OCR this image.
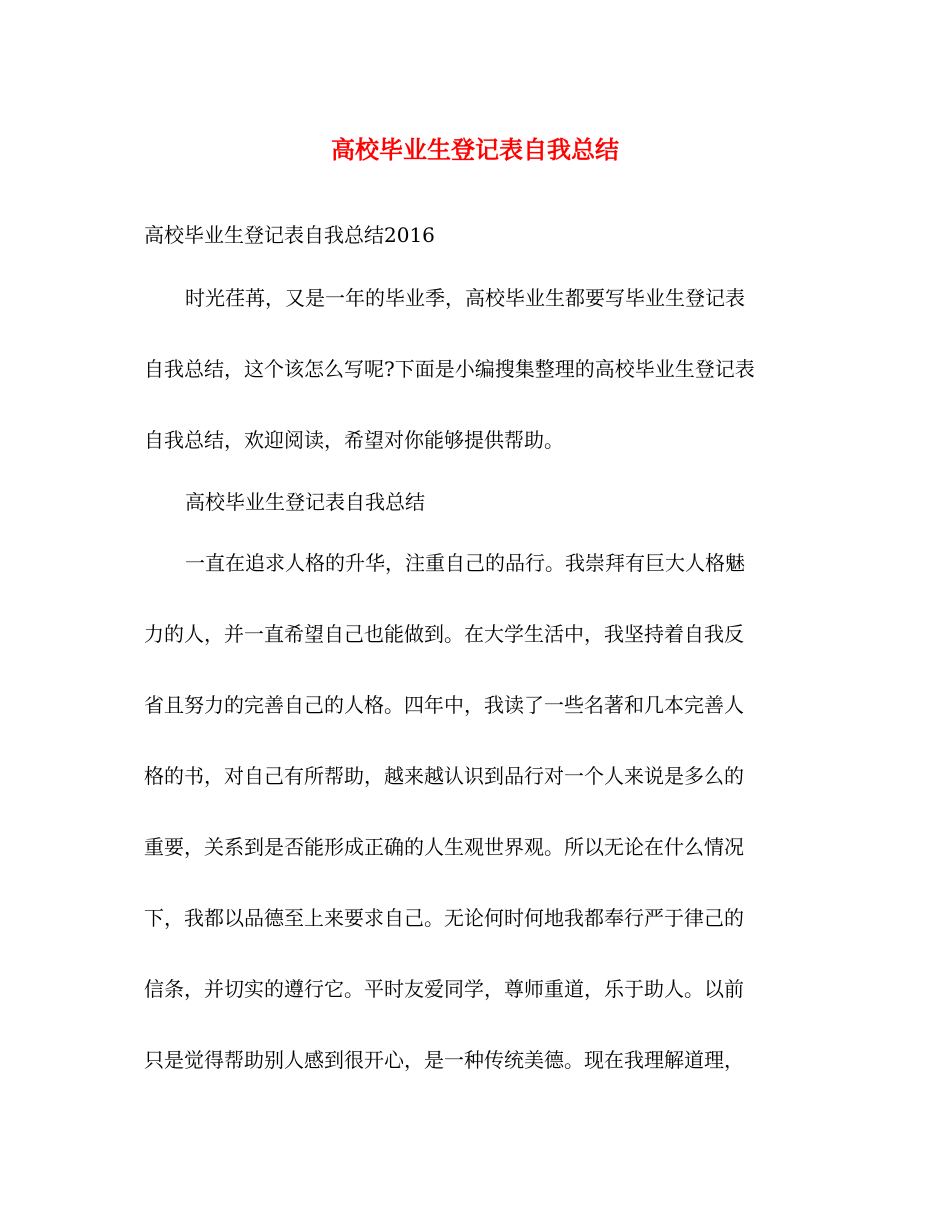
高校毕业生登记表自我总结
高校毕业生登记表自我总结2016
时光荏苒，又是一年的毕业季，高校毕业生都要写毕业生登记表
自我总结，这个该怎么写呢?下面是小编搜集整理的高校毕业生登记表
自我总结，欢迎阅读，希望对你能够提供帮助。
高校毕业生登记表自我总结
一直在追求人格的升华，注重自己的品行。我崇拜有巨大人格魅
力的人，并一直希望自己也能做到。在大学生活中，我坚持着自我反
省且努力的完善自己的人格。四年中，我读了一些名著和几本完善人
格的书，对自己有所帮助，越来越认识到品行对一个人来说是多么的
重要，关系到是否能形成正确的人生观世界观。所以无论在什么情况
下，我都以品德至上来要求自己。无论何时何地我都奉行严于律己的
信条，并切实的遵行它。平时友爱同学，尊师重道，乐于助人。以前
只是觉得帮助别人感到很开心，是一种传统美德。现在我理解道理，
